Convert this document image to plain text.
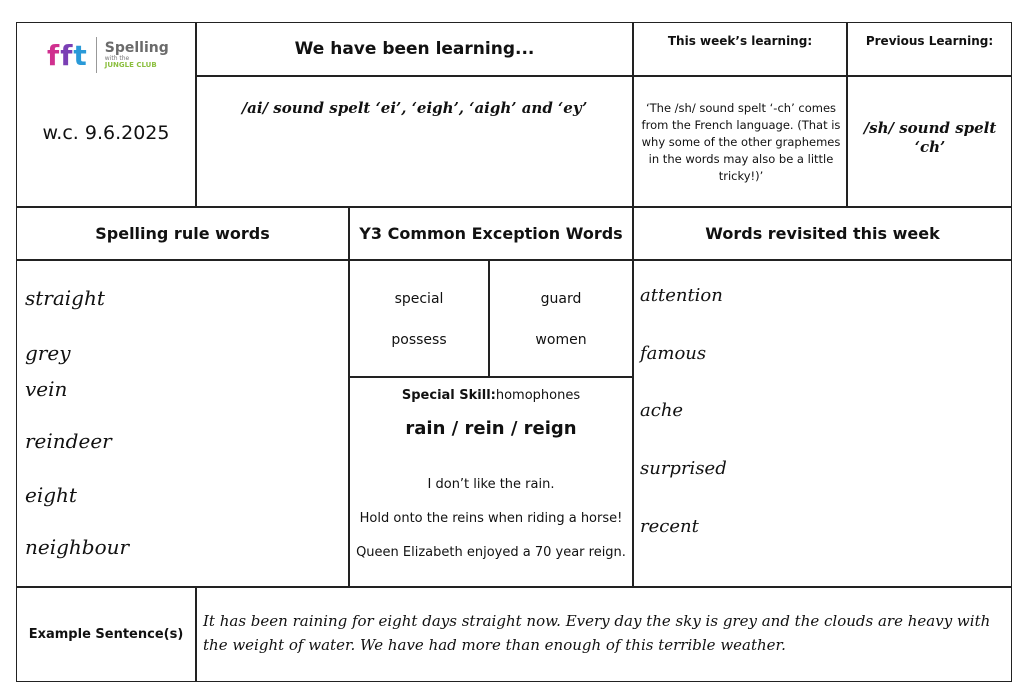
fft Spelling
with the
JUNGLE CLUB
w.c. 9.6.2025
We have been learning...
/ai/ sound spelt ‘ei’, ‘eigh’, ‘aigh’ and ‘ey’
This week’s learning:
‘The /sh/ sound spelt ‘-ch’ comes from the French language. (That is why some of the other graphemes in the words may also be a little tricky!)’
Previous Learning:
/sh/ sound spelt ‘ch’
Spelling rule words	Y3 Common Exception Words	Words revisited this week
straight
grey
vein
reindeer
eight
neighbour
special	guard
possess	women
Special Skill: homophones
rain / rein / reign
I don’t like the rain.
Hold onto the reins when riding a horse!
Queen Elizabeth enjoyed a 70 year reign.
attention
famous
ache
surprised
recent
Example Sentence(s)
It has been raining for eight days straight now. Every day the sky is grey and the clouds are heavy with the weight of water. We have had more than enough of this terrible weather.
